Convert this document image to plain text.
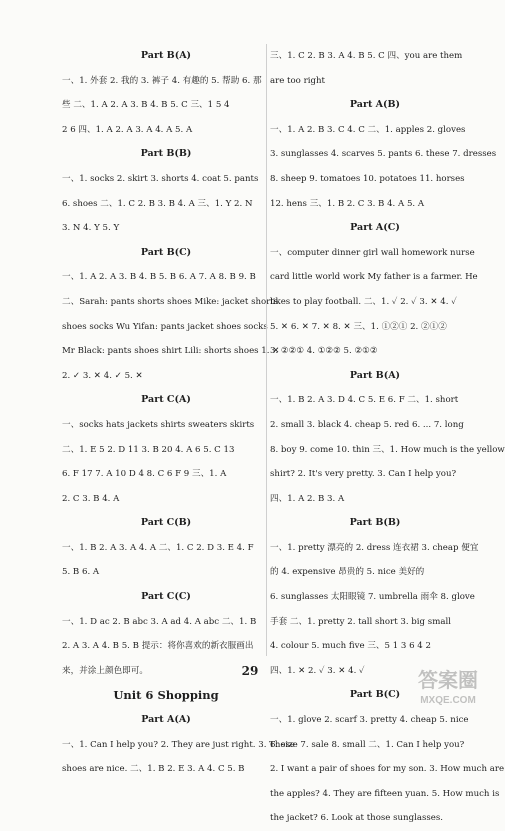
Part B(A)
一、1. 外套 2. 我的 3. 裤子 4. 有趣的 5. 帮助 6. 那
些 二、1. A 2. A 3. B 4. B 5. C 三、1 5 4
2 6 四、1. A 2. A 3. A 4. A 5. A
Part B(B)
一、1. socks 2. skirt 3. shorts 4. coat 5. pants
6. shoes 二、1. C 2. B 3. B 4. A 三、1. Y 2. N
3. N 4. Y 5. Y
Part B(C)
一、1. A 2. A 3. B 4. B 5. B 6. A 7. A 8. B 9. B
二、Sarah: pants shorts shoes Mike: jacket shorts
shoes socks Wu Yifan: pants jacket shoes socks
Mr Black: pants shoes shirt Lili: shorts shoes 1. ✕
2. ✓ 3. ✕ 4. ✓ 5. ✕
Part C(A)
一、socks hats jackets shirts sweaters skirts
二、1. E 5 2. D 11 3. B 20 4. A 6 5. C 13
6. F 17 7. A 10 D 4 8. C 6 F 9 三、1. A
2. C 3. B 4. A
Part C(B)
一、1. B 2. A 3. A 4. A 二、1. C 2. D 3. E 4. F
5. B 6. A
Part C(C)
一、1. D ac 2. B abc 3. A ad 4. A abc 二、1. B
2. A 3. A 4. B 5. B 提示：将你喜欢的新衣服画出
来，并涂上颜色即可。
Unit 6 Shopping
Part A(A)
一、1. Can I help you? 2. They are just right. 3. These
shoes are nice. 二、1. B 2. E 3. A 4. C 5. B
三、1. C 2. B 3. A 4. B 5. C 四、you are them
are too right
Part A(B)
一、1. A 2. B 3. C 4. C 二、1. apples 2. gloves
3. sunglasses 4. scarves 5. pants 6. these 7. dresses
8. sheep 9. tomatoes 10. potatoes 11. horses
12. hens 三、1. B 2. C 3. B 4. A 5. A
Part A(C)
一、computer dinner girl wall homework nurse
card little world work My father is a farmer. He
likes to play football. 二、1. ✓ 2. ✓ 3. ✕ 4. ✓
5. ✕ 6. ✕ 7. ✕ 8. ✕ 三、1. ①②① 2. ②①②
3. ②②① 4. ①②② 5. ②①②
Part B(A)
一、1. B 2. A 3. D 4. C 5. E 6. F 二、1. short
2. small 3. black 4. cheap 5. red 6. ... 7. long
8. boy 9. come 10. thin 三、1. How much is the yellow
shirt? 2. It's very pretty. 3. Can I help you?
四、1. A 2. B 3. A
Part B(B)
一、1. pretty 漂亮的 2. dress 连衣裙 3. cheap 便宜
的 4. expensive 昂贵的 5. nice 美好的
6. sunglasses 太阳眼镜 7. umbrella 雨伞 8. glove
手套 二、1. pretty 2. tall short 3. big small
4. colour 5. much five 三、5 1 3 6 4 2
四、1. ✕ 2. ✓ 3. ✕ 4. ✓
Part B(C)
一、1. glove 2. scarf 3. pretty 4. cheap 5. nice
6. size 7. sale 8. small 二、1. Can I help you?
2. I want a pair of shoes for my son. 3. How much are
the apples? 4. They are fifteen yuan. 5. How much is
the jacket? 6. Look at those sunglasses.
29	答案圈
MXQE.COM
